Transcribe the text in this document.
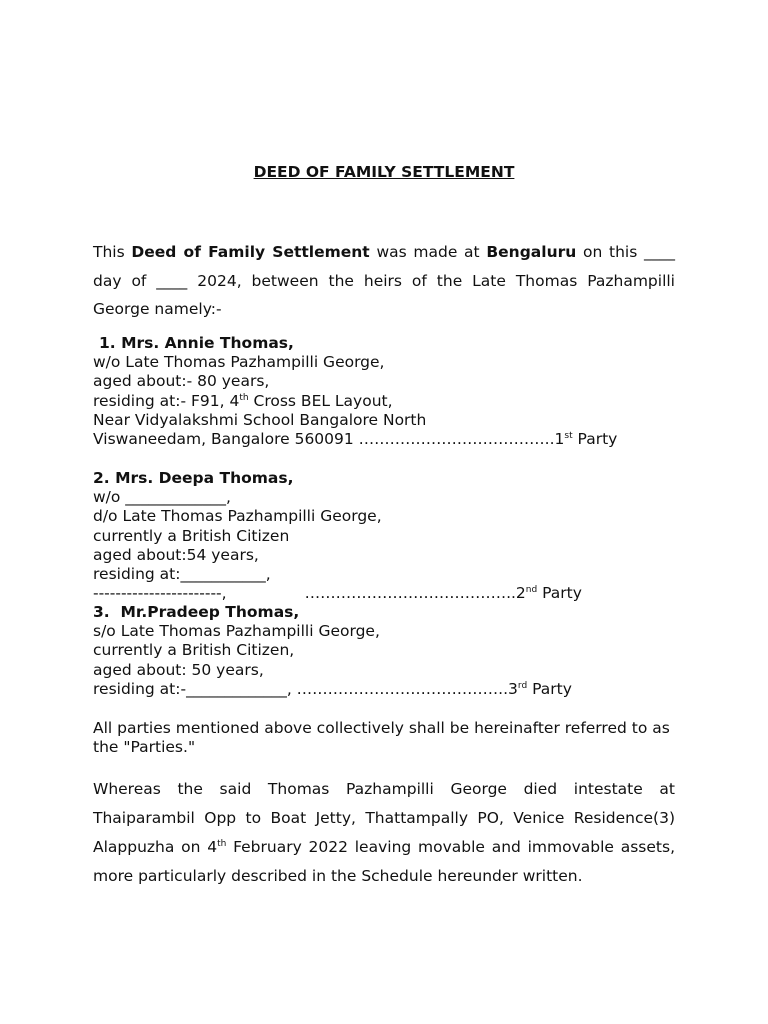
DEED OF FAMILY SETTLEMENT
This Deed of Family Settlement was made at Bengaluru on this ____ day of ____ 2024, between the heirs of the Late Thomas Pazhampilli George namely:-
1. Mrs. Annie Thomas,
w/o Late Thomas Pazhampilli George,
aged about:- 80 years,
residing at:- F91, 4th Cross BEL Layout,
Near Vidyalakshmi School Bangalore North
Viswaneedam, Bangalore 560091 ………………………………..1st Party
2. Mrs. Deepa Thomas,
w/o _____________,
d/o Late Thomas Pazhampilli George,
currently a British Citizen
aged about:54 years,
residing at:___________,
-----------------------,	…………………………………..2nd Party
3.  Mr.Pradeep Thomas,
s/o Late Thomas Pazhampilli George,
currently a British Citizen,
aged about: 50 years,
residing at:-_____________, …………………………………..3rd Party
All parties mentioned above collectively shall be hereinafter referred to as the "Parties."
Whereas the said Thomas Pazhampilli George died intestate at Thaiparambil Opp to Boat Jetty, Thattampally PO, Venice Residence(3) Alappuzha on 4th February 2022 leaving movable and immovable assets, more particularly described in the Schedule hereunder written.
